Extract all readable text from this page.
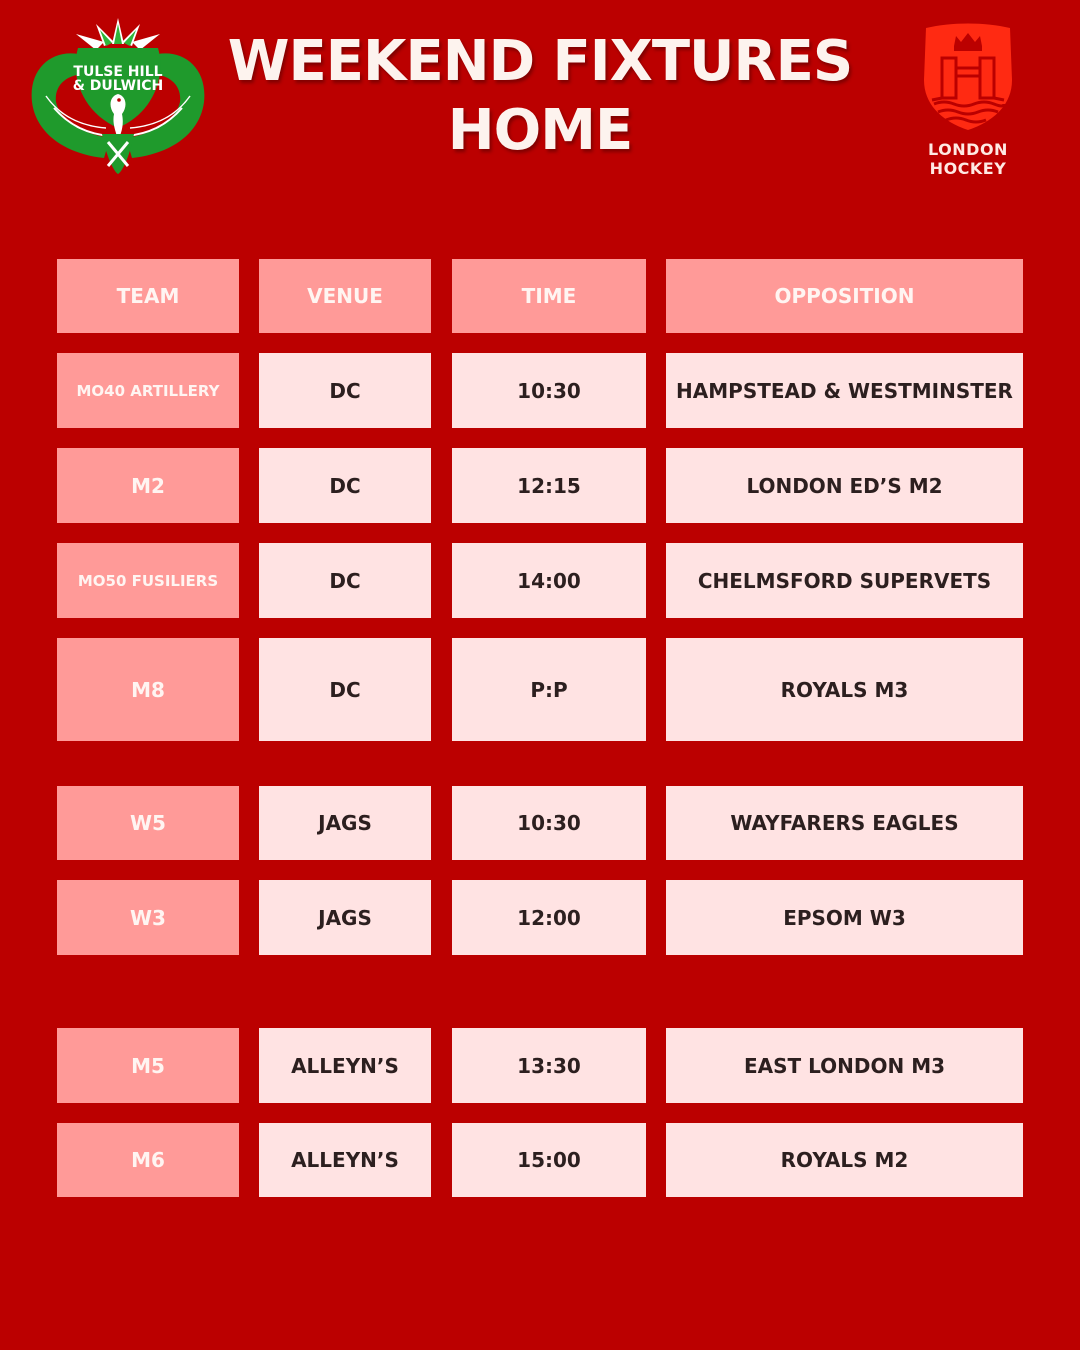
WEEKEND FIXTURES
HOME
TULSE HILL
& DULWICH
LONDON
HOCKEY
TEAM	VENUE	TIME	OPPOSITION
MO40 ARTILLERY	DC	10:30	HAMPSTEAD & WESTMINSTER
M2	DC	12:15	LONDON ED’S M2
MO50 FUSILIERS	DC	14:00	CHELMSFORD SUPERVETS
M8	DC	P:P	ROYALS M3
W5	JAGS	10:30	WAYFARERS EAGLES
W3	JAGS	12:00	EPSOM W3
M5	ALLEYN’S	13:30	EAST LONDON M3
M6	ALLEYN’S	15:00	ROYALS M2
